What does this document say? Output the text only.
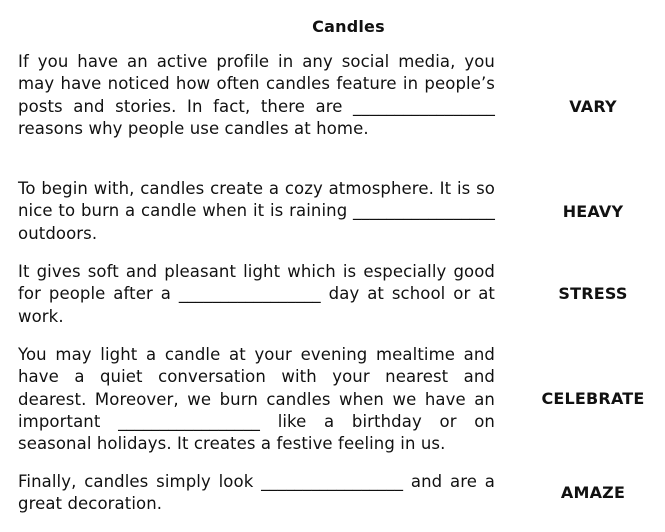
Candles
If you have an active profile in any social media, you may have noticed how often candles feature in people’s posts and stories. In fact, there are _________________ reasons why people use candles at home.
VARY
To begin with, candles create a cozy atmosphere. It is so nice to burn a candle when it is raining _________________ outdoors.
HEAVY
It gives soft and pleasant light which is especially good for people after a _________________ day at school or at work.
STRESS
You may light a candle at your evening mealtime and have a quiet conversation with your nearest and dearest. Moreover, we burn candles when we have an important _________________ like a birthday or on seasonal holidays. It creates a festive feeling in us.
CELEBRATE
Finally, candles simply look _________________ and are a great decoration.
AMAZE
